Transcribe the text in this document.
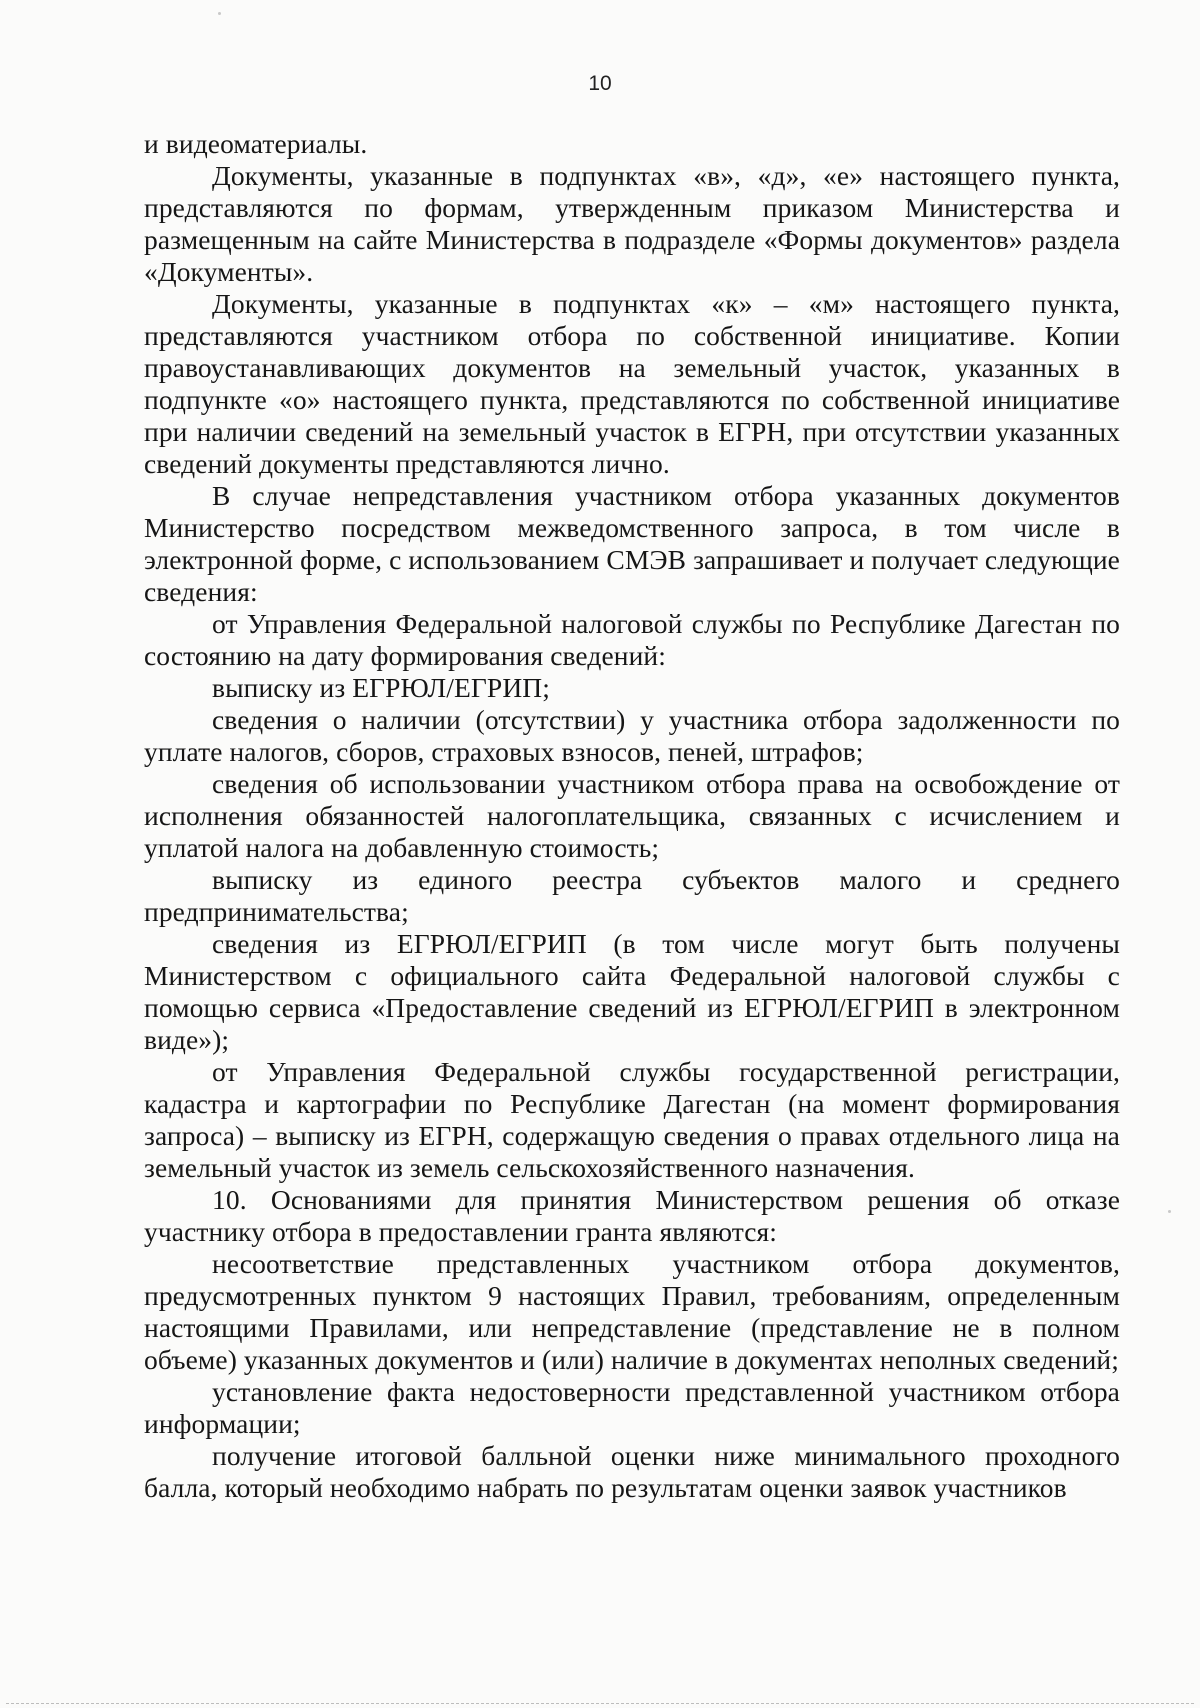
10

и видеоматериалы.

Документы, указанные в подпунктах «в», «д», «е» настоящего пункта, представляются по формам, утвержденным приказом Министерства и размещенным на сайте Министерства в подразделе «Формы документов» раздела «Документы».

Документы, указанные в подпунктах «к» – «м» настоящего пункта, представляются участником отбора по собственной инициативе. Копии правоустанавливающих документов на земельный участок, указанных в подпункте «о» настоящего пункта, представляются по собственной инициативе при наличии сведений на земельный участок в ЕГРН, при отсутствии указанных сведений документы представляются лично.

В случае непредставления участником отбора указанных документов Министерство посредством межведомственного запроса, в том числе в электронной форме, с использованием СМЭВ запрашивает и получает следующие сведения:

от Управления Федеральной налоговой службы по Республике Дагестан по состоянию на дату формирования сведений:

выписку из ЕГРЮЛ/ЕГРИП;

сведения о наличии (отсутствии) у участника отбора задолженности по уплате налогов, сборов, страховых взносов, пеней, штрафов;

сведения об использовании участником отбора права на освобождение от исполнения обязанностей налогоплательщика, связанных с исчислением и уплатой налога на добавленную стоимость;

выписку из единого реестра субъектов малого и среднего предпринимательства;

сведения из ЕГРЮЛ/ЕГРИП (в том числе могут быть получены Министерством с официального сайта Федеральной налоговой службы с помощью сервиса «Предоставление сведений из ЕГРЮЛ/ЕГРИП в электронном виде»);

от Управления Федеральной службы государственной регистрации, кадастра и картографии по Республике Дагестан (на момент формирования запроса) – выписку из ЕГРН, содержащую сведения о правах отдельного лица на земельный участок из земель сельскохозяйственного назначения.

10. Основаниями для принятия Министерством решения об отказе участнику отбора в предоставлении гранта являются:

несоответствие представленных участником отбора документов, предусмотренных пунктом 9 настоящих Правил, требованиям, определенным настоящими Правилами, или непредставление (представление не в полном объеме) указанных документов и (или) наличие в документах неполных сведений;

установление факта недостоверности представленной участником отбора информации;

получение итоговой балльной оценки ниже минимального проходного балла, который необходимо набрать по результатам оценки заявок участников
